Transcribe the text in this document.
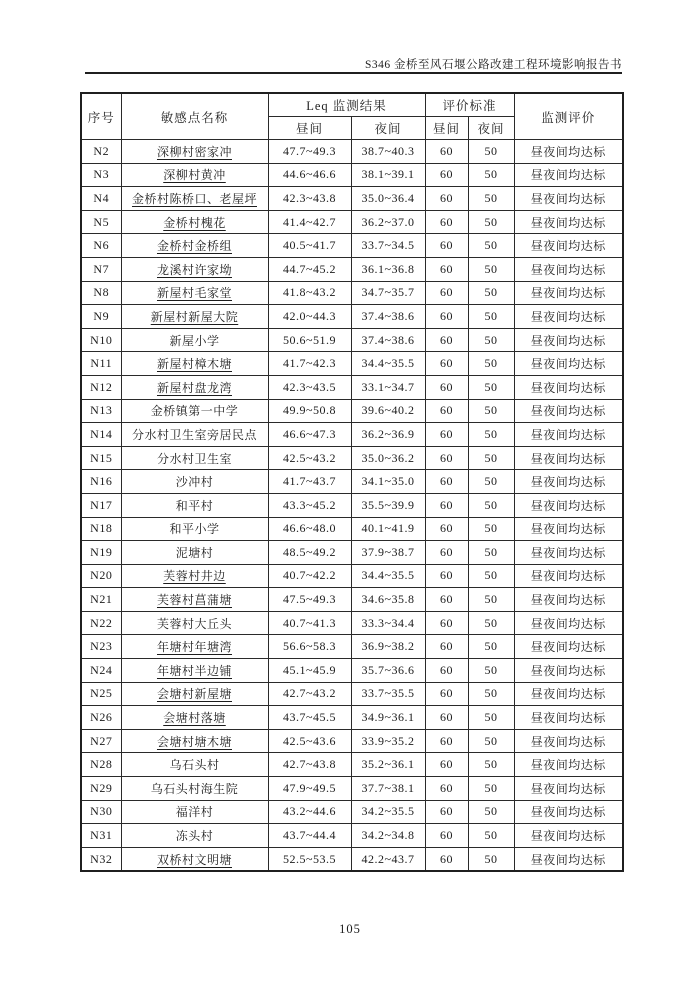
S346 金桥至风石堰公路改建工程环境影响报告书
序号	敏感点名称	Leq 监测结果		评价标准		监测评价
		昼间	夜间	昼间	夜间	
N2	深柳村密家冲	47.7~49.3	38.7~40.3	60	50	昼夜间均达标
N3	深柳村黄冲	44.6~46.6	38.1~39.1	60	50	昼夜间均达标
N4	金桥村陈桥口、老屋坪	42.3~43.8	35.0~36.4	60	50	昼夜间均达标
N5	金桥村槐花	41.4~42.7	36.2~37.0	60	50	昼夜间均达标
N6	金桥村金桥组	40.5~41.7	33.7~34.5	60	50	昼夜间均达标
N7	龙溪村许家坳	44.7~45.2	36.1~36.8	60	50	昼夜间均达标
N8	新屋村毛家堂	41.8~43.2	34.7~35.7	60	50	昼夜间均达标
N9	新屋村新屋大院	42.0~44.3	37.4~38.6	60	50	昼夜间均达标
N10	新屋小学	50.6~51.9	37.4~38.6	60	50	昼夜间均达标
N11	新屋村樟木塘	41.7~42.3	34.4~35.5	60	50	昼夜间均达标
N12	新屋村盘龙湾	42.3~43.5	33.1~34.7	60	50	昼夜间均达标
N13	金桥镇第一中学	49.9~50.8	39.6~40.2	60	50	昼夜间均达标
N14	分水村卫生室旁居民点	46.6~47.3	36.2~36.9	60	50	昼夜间均达标
N15	分水村卫生室	42.5~43.2	35.0~36.2	60	50	昼夜间均达标
N16	沙冲村	41.7~43.7	34.1~35.0	60	50	昼夜间均达标
N17	和平村	43.3~45.2	35.5~39.9	60	50	昼夜间均达标
N18	和平小学	46.6~48.0	40.1~41.9	60	50	昼夜间均达标
N19	泥塘村	48.5~49.2	37.9~38.7	60	50	昼夜间均达标
N20	芙蓉村井边	40.7~42.2	34.4~35.5	60	50	昼夜间均达标
N21	芙蓉村菖蒲塘	47.5~49.3	34.6~35.8	60	50	昼夜间均达标
N22	芙蓉村大丘头	40.7~41.3	33.3~34.4	60	50	昼夜间均达标
N23	年塘村年塘湾	56.6~58.3	36.9~38.2	60	50	昼夜间均达标
N24	年塘村半边铺	45.1~45.9	35.7~36.6	60	50	昼夜间均达标
N25	会塘村新屋塘	42.7~43.2	33.7~35.5	60	50	昼夜间均达标
N26	会塘村落塘	43.7~45.5	34.9~36.1	60	50	昼夜间均达标
N27	会塘村塘木塘	42.5~43.6	33.9~35.2	60	50	昼夜间均达标
N28	乌石头村	42.7~43.8	35.2~36.1	60	50	昼夜间均达标
N29	乌石头村海生院	47.9~49.5	37.7~38.1	60	50	昼夜间均达标
N30	福洋村	43.2~44.6	34.2~35.5	60	50	昼夜间均达标
N31	冻头村	43.7~44.4	34.2~34.8	60	50	昼夜间均达标
N32	双桥村文明塘	52.5~53.5	42.2~43.7	60	50	昼夜间均达标
105
